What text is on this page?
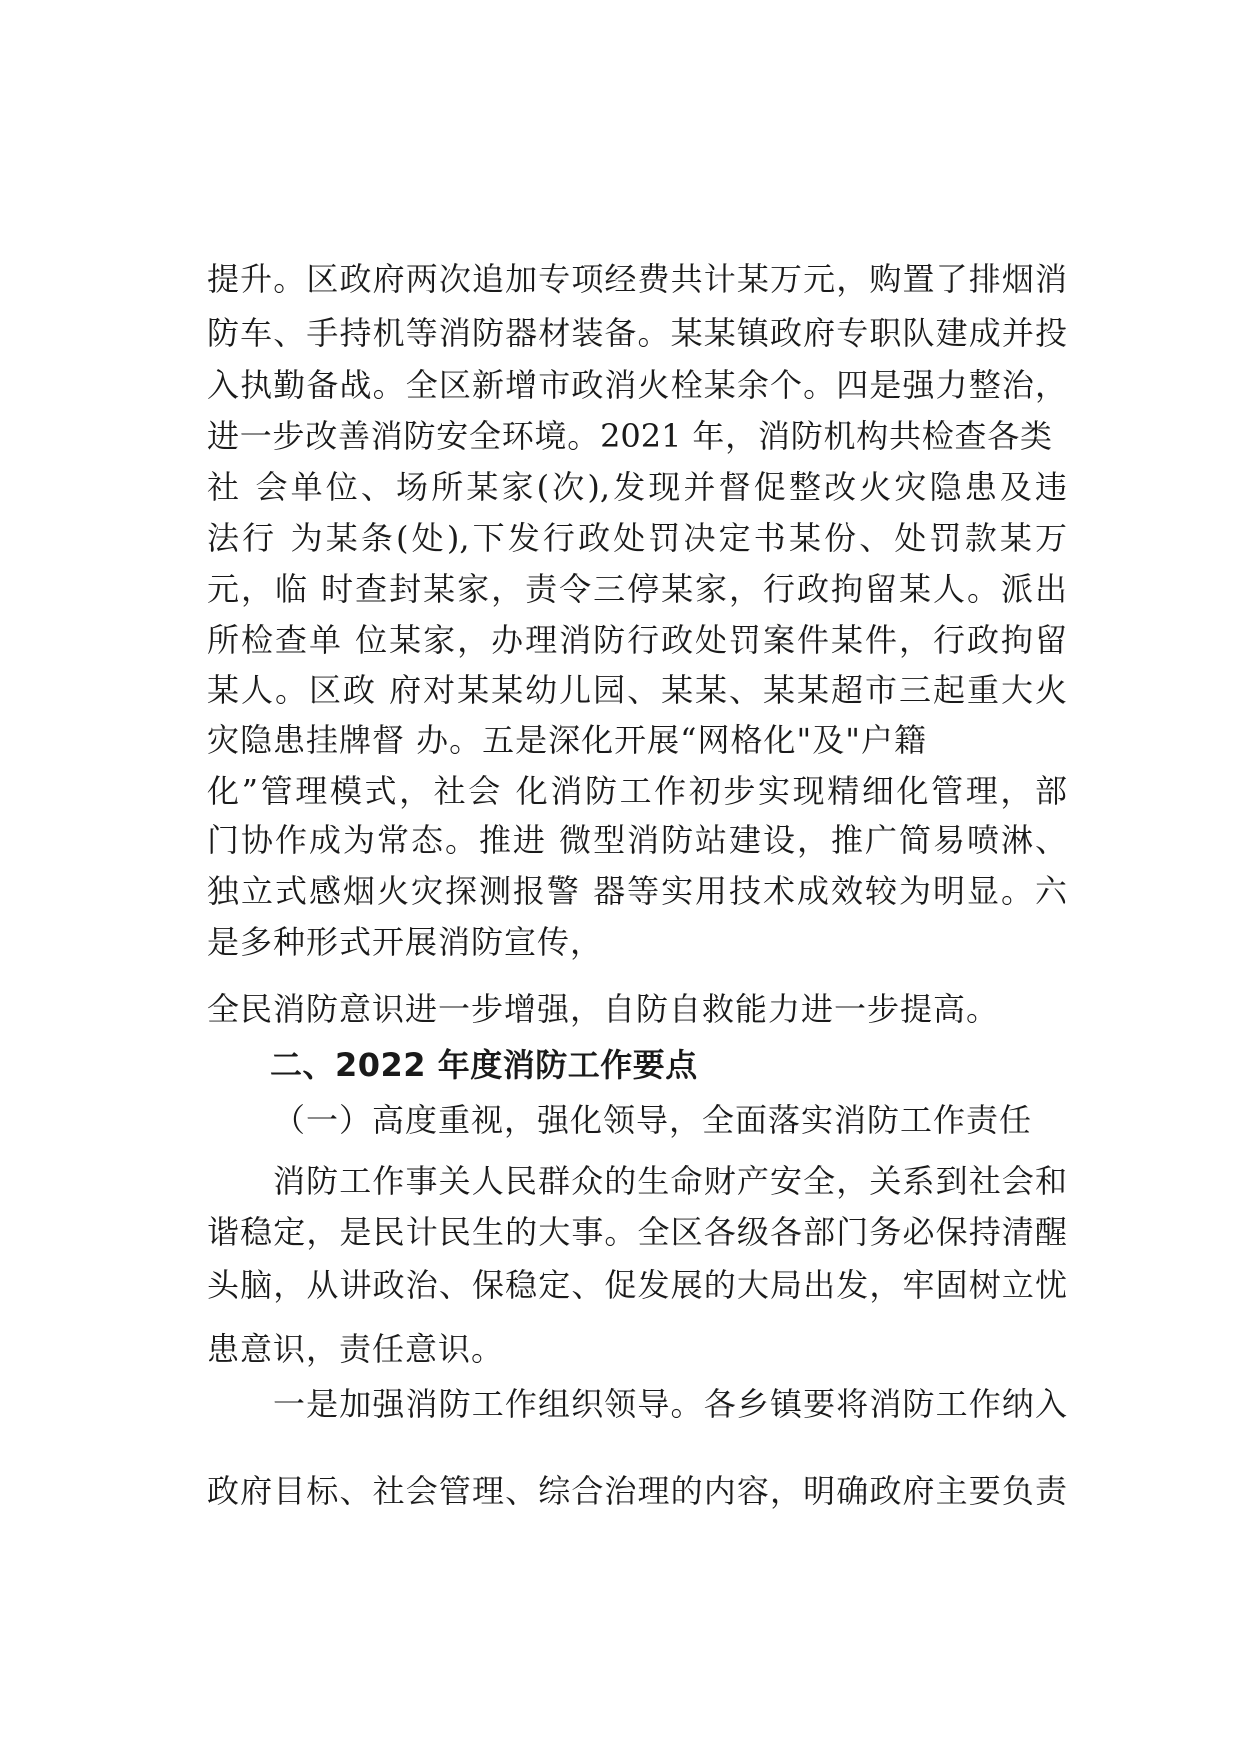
提升。区政府两次追加专项经费共计某万元，购置了排烟消
防车、手持机等消防器材装备。某某镇政府专职队建成并投
入执勤备战。全区新增市政消火栓某余个。四是强力整治，
进一步改善消防安全环境。2021 年，消防机构共检查各类
社 会单位、场所某家(次),发现并督促整改火灾隐患及违
法行 为某条(处),下发行政处罚决定书某份、处罚款某万
元，临 时查封某家，责令三停某家，行政拘留某人。派出
所检查单 位某家，办理消防行政处罚案件某件，行政拘留
某人。区政 府对某某幼儿园、某某、某某超市三起重大火
灾隐患挂牌督 办。五是深化开展“网格化"及"户籍
化”管理模式，社会 化消防工作初步实现精细化管理，部
门协作成为常态。推进 微型消防站建设，推广简易喷淋、
独立式感烟火灾探测报警 器等实用技术成效较为明显。六
是多种形式开展消防宣传，
全民消防意识进一步增强，自防自救能力进一步提高。
二、2022 年度消防工作要点
（一）高度重视，强化领导，全面落实消防工作责任
消防工作事关人民群众的生命财产安全，关系到社会和
谐稳定，是民计民生的大事。全区各级各部门务必保持清醒
头脑，从讲政治、保稳定、促发展的大局出发，牢固树立忧
患意识，责任意识。
一是加强消防工作组织领导。各乡镇要将消防工作纳入
政府目标、社会管理、综合治理的内容，明确政府主要负责
